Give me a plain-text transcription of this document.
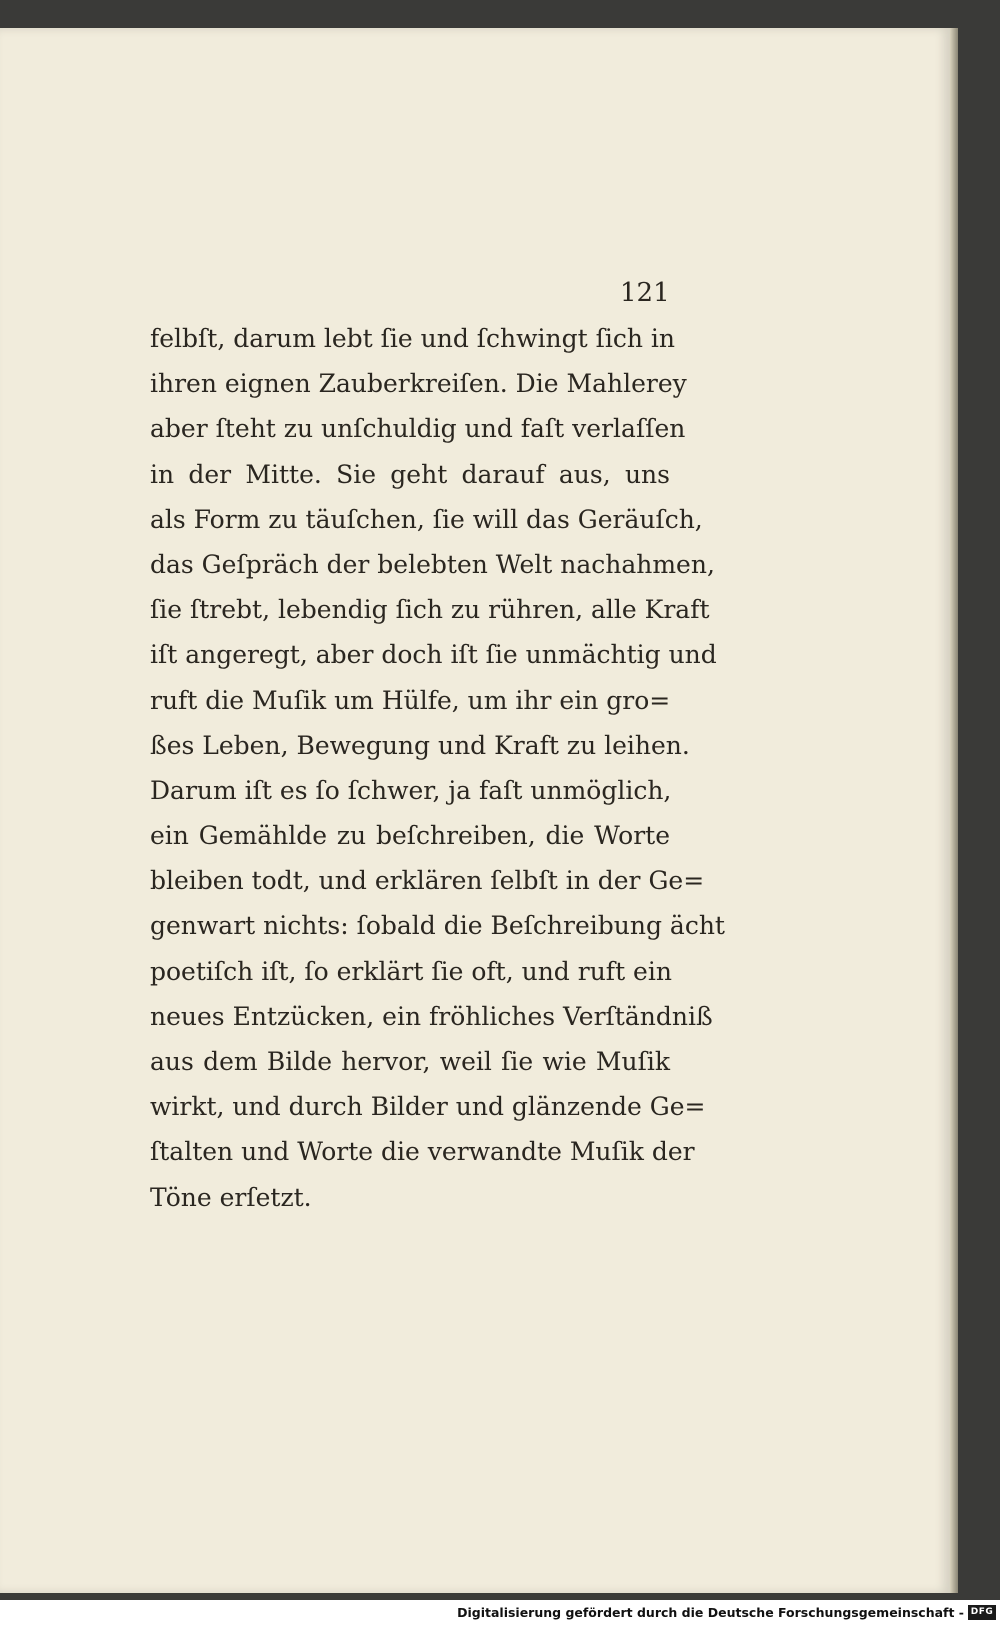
121
felbſt, darum lebt ſie und ſchwingt ſich in
ihren eignen Zauberkreiſen. Die Mahlerey
aber ſteht zu unſchuldig und faſt verlaſſen
in der Mitte. Sie geht darauf aus, uns
als Form zu täuſchen, ſie will das Geräuſch,
das Geſpräch der belebten Welt nachahmen,
ſie ſtrebt, lebendig ſich zu rühren, alle Kraft
iſt angeregt, aber doch iſt ſie unmächtig und
ruft die Muſik um Hülfe, um ihr ein gro=
ßes Leben, Bewegung und Kraft zu leihen.
Darum iſt es ſo ſchwer, ja faſt unmöglich,
ein Gemählde zu beſchreiben, die Worte
bleiben todt, und erklären ſelbſt in der Ge=
genwart nichts: ſobald die Beſchreibung ächt
poetiſch iſt, ſo erklärt ſie oft, und ruft ein
neues Entzücken, ein fröhliches Verſtändniß
aus dem Bilde hervor, weil ſie wie Muſik
wirkt, und durch Bilder und glänzende Ge=
ſtalten und Worte die verwandte Muſik der
Töne erſetzt.
Digitalisierung gefördert durch die Deutsche Forschungsgemeinschaft - DFG
